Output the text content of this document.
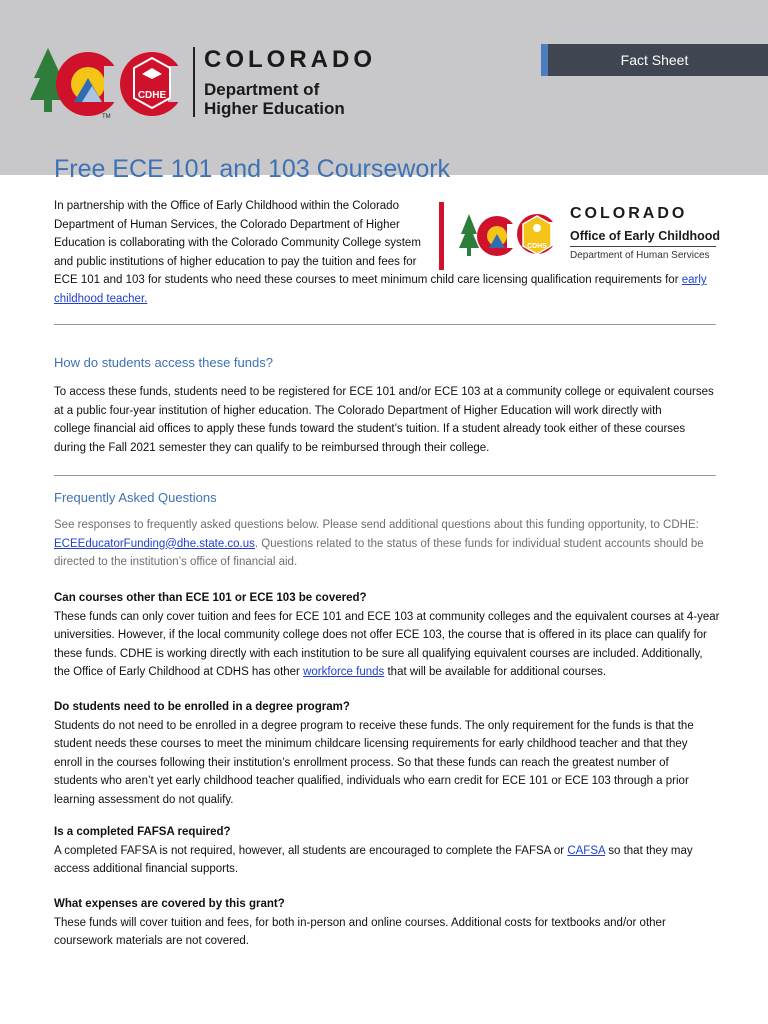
TM
CDHE
COLORADO
Department of
Higher Education
Fact Sheet
Free ECE 101 and 103 Coursework
CDHS
COLORADO
Office of Early Childhood
Department of Human Services

In partnership with the Office of Early Childhood within the Colorado
Department of Human Services, the Colorado Department of Higher
Education is collaborating with the Colorado Community College system
and public institutions of higher education to pay the tuition and fees for
ECE 101 and 103 for students who need these courses to meet minimum child care licensing qualification requirements for early
childhood teacher.

How do students access these funds?

To access these funds, students need to be registered for ECE 101 and/or ECE 103 at a community college or equivalent courses
at a public four-year institution of higher education. The Colorado Department of Higher Education will work directly with
college financial aid offices to apply these funds toward the student’s tuition. If a student already took either of these courses
during the Fall 2021 semester they can qualify to be reimbursed through their college.

Frequently Asked Questions

See responses to frequently asked questions below. Please send additional questions about this funding opportunity, to CDHE:
ECEEducatorFunding@dhe.state.co.us. Questions related to the status of these funds for individual student accounts should be
directed to the institution’s office of financial aid.

Can courses other than ECE 101 or ECE 103 be covered?
These funds can only cover tuition and fees for ECE 101 and ECE 103 at community colleges and the equivalent courses at 4-year
universities. However, if the local community college does not offer ECE 103, the course that is offered in its place can qualify for
these funds. CDHE is working directly with each institution to be sure all qualifying equivalent courses are included. Additionally,
the Office of Early Childhood at CDHS has other workforce funds that will be available for additional courses.

Do students need to be enrolled in a degree program?
Students do not need to be enrolled in a degree program to receive these funds. The only requirement for the funds is that the
student needs these courses to meet the minimum childcare licensing requirements for early childhood teacher and that they
enroll in the courses following their institution’s enrollment process. So that these funds can reach the greatest number of
students who aren’t yet early childhood teacher qualified, individuals who earn credit for ECE 101 or ECE 103 through a prior
learning assessment do not qualify.

Is a completed FAFSA required?
A completed FAFSA is not required, however, all students are encouraged to complete the FAFSA or CAFSA so that they may
access additional financial supports.

What expenses are covered by this grant?
These funds will cover tuition and fees, for both in-person and online courses. Additional costs for textbooks and/or other
coursework materials are not covered.
